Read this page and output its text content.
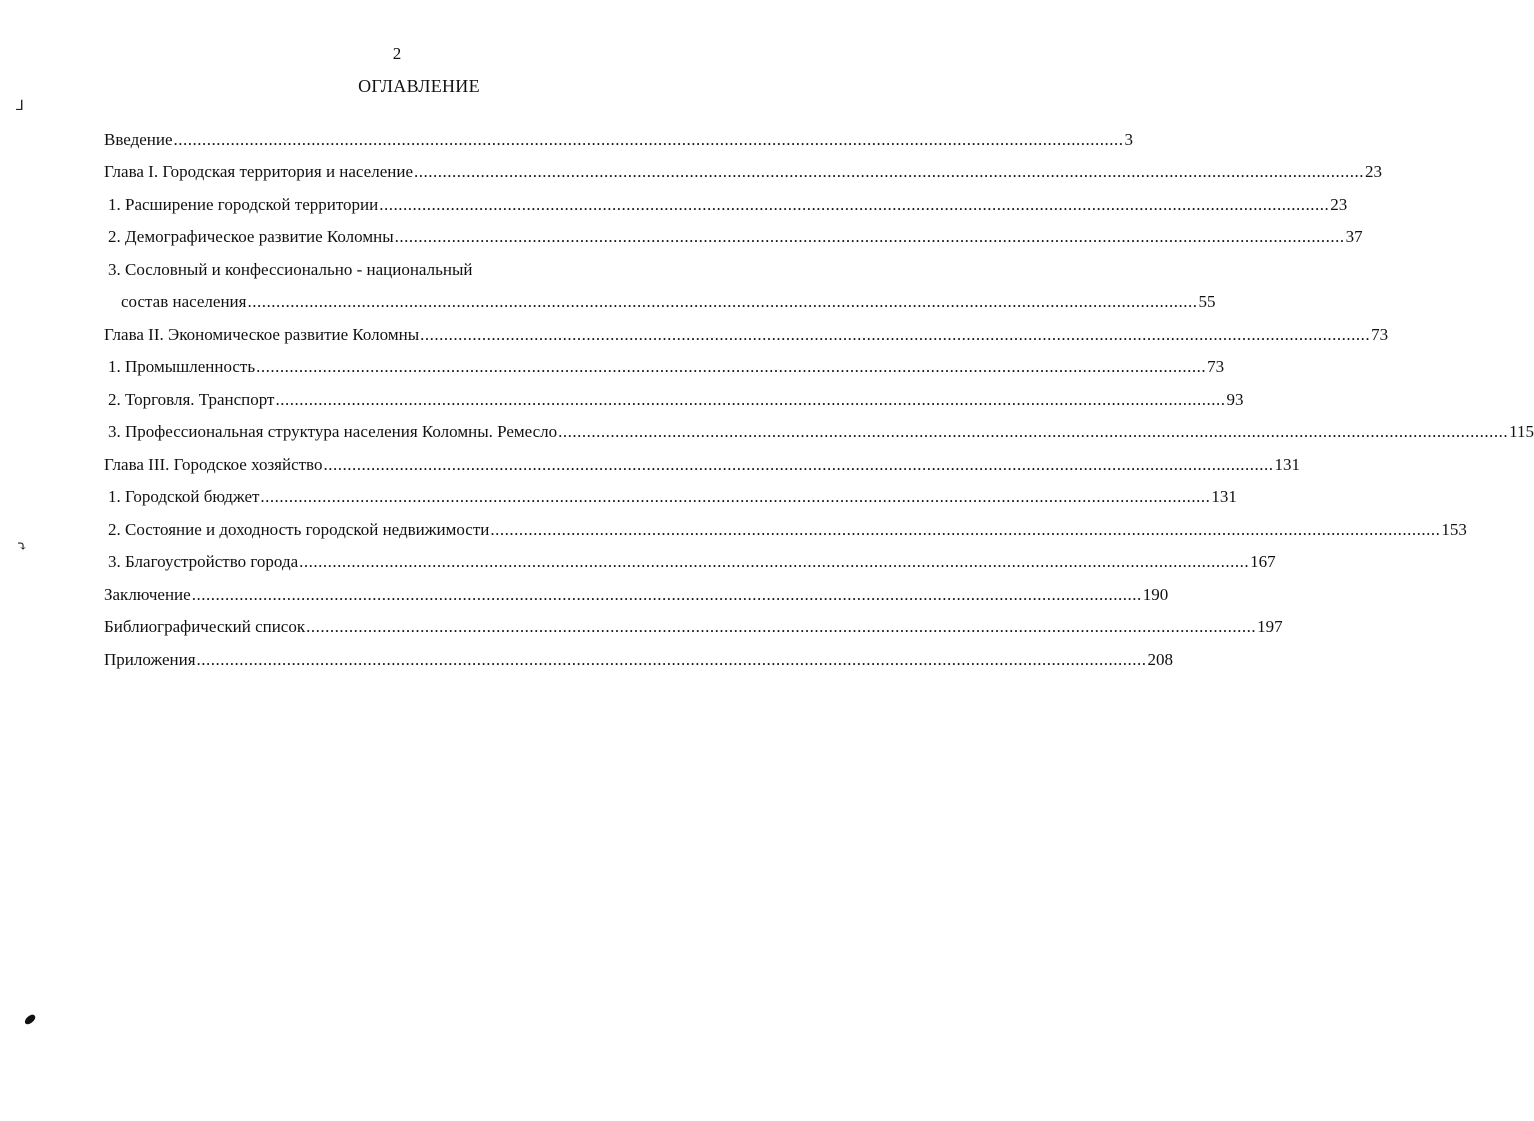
2
ОГЛАВЛЕНИЕ
Введение ........................................................................................................................................................................................................ 3
Глава I. Городская территория и население ........................................................................................................................................................................................................ 23
1. Расширение городской территории ........................................................................................................................................................................................................ 23
2. Демографическое развитие Коломны ........................................................................................................................................................................................................ 37
3. Сословный и конфессионально - национальный
состав населения ........................................................................................................................................................................................................ 55
Глава II. Экономическое развитие Коломны ........................................................................................................................................................................................................ 73
1. Промышленность ........................................................................................................................................................................................................ 73
2. Торговля. Транспорт ........................................................................................................................................................................................................ 93
3. Профессиональная структура населения Коломны. Ремесло ........................................................................................................................................................................................................ 115
Глава III. Городское хозяйство ........................................................................................................................................................................................................ 131
1. Городской бюджет ........................................................................................................................................................................................................ 131
2. Состояние и доходность городской недвижимости ........................................................................................................................................................................................................ 153
3. Благоустройство города ........................................................................................................................................................................................................ 167
Заключение ........................................................................................................................................................................................................ 190
Библиографический список ........................................................................................................................................................................................................ 197
Приложения ........................................................................................................................................................................................................ 208
⅃
⤵
